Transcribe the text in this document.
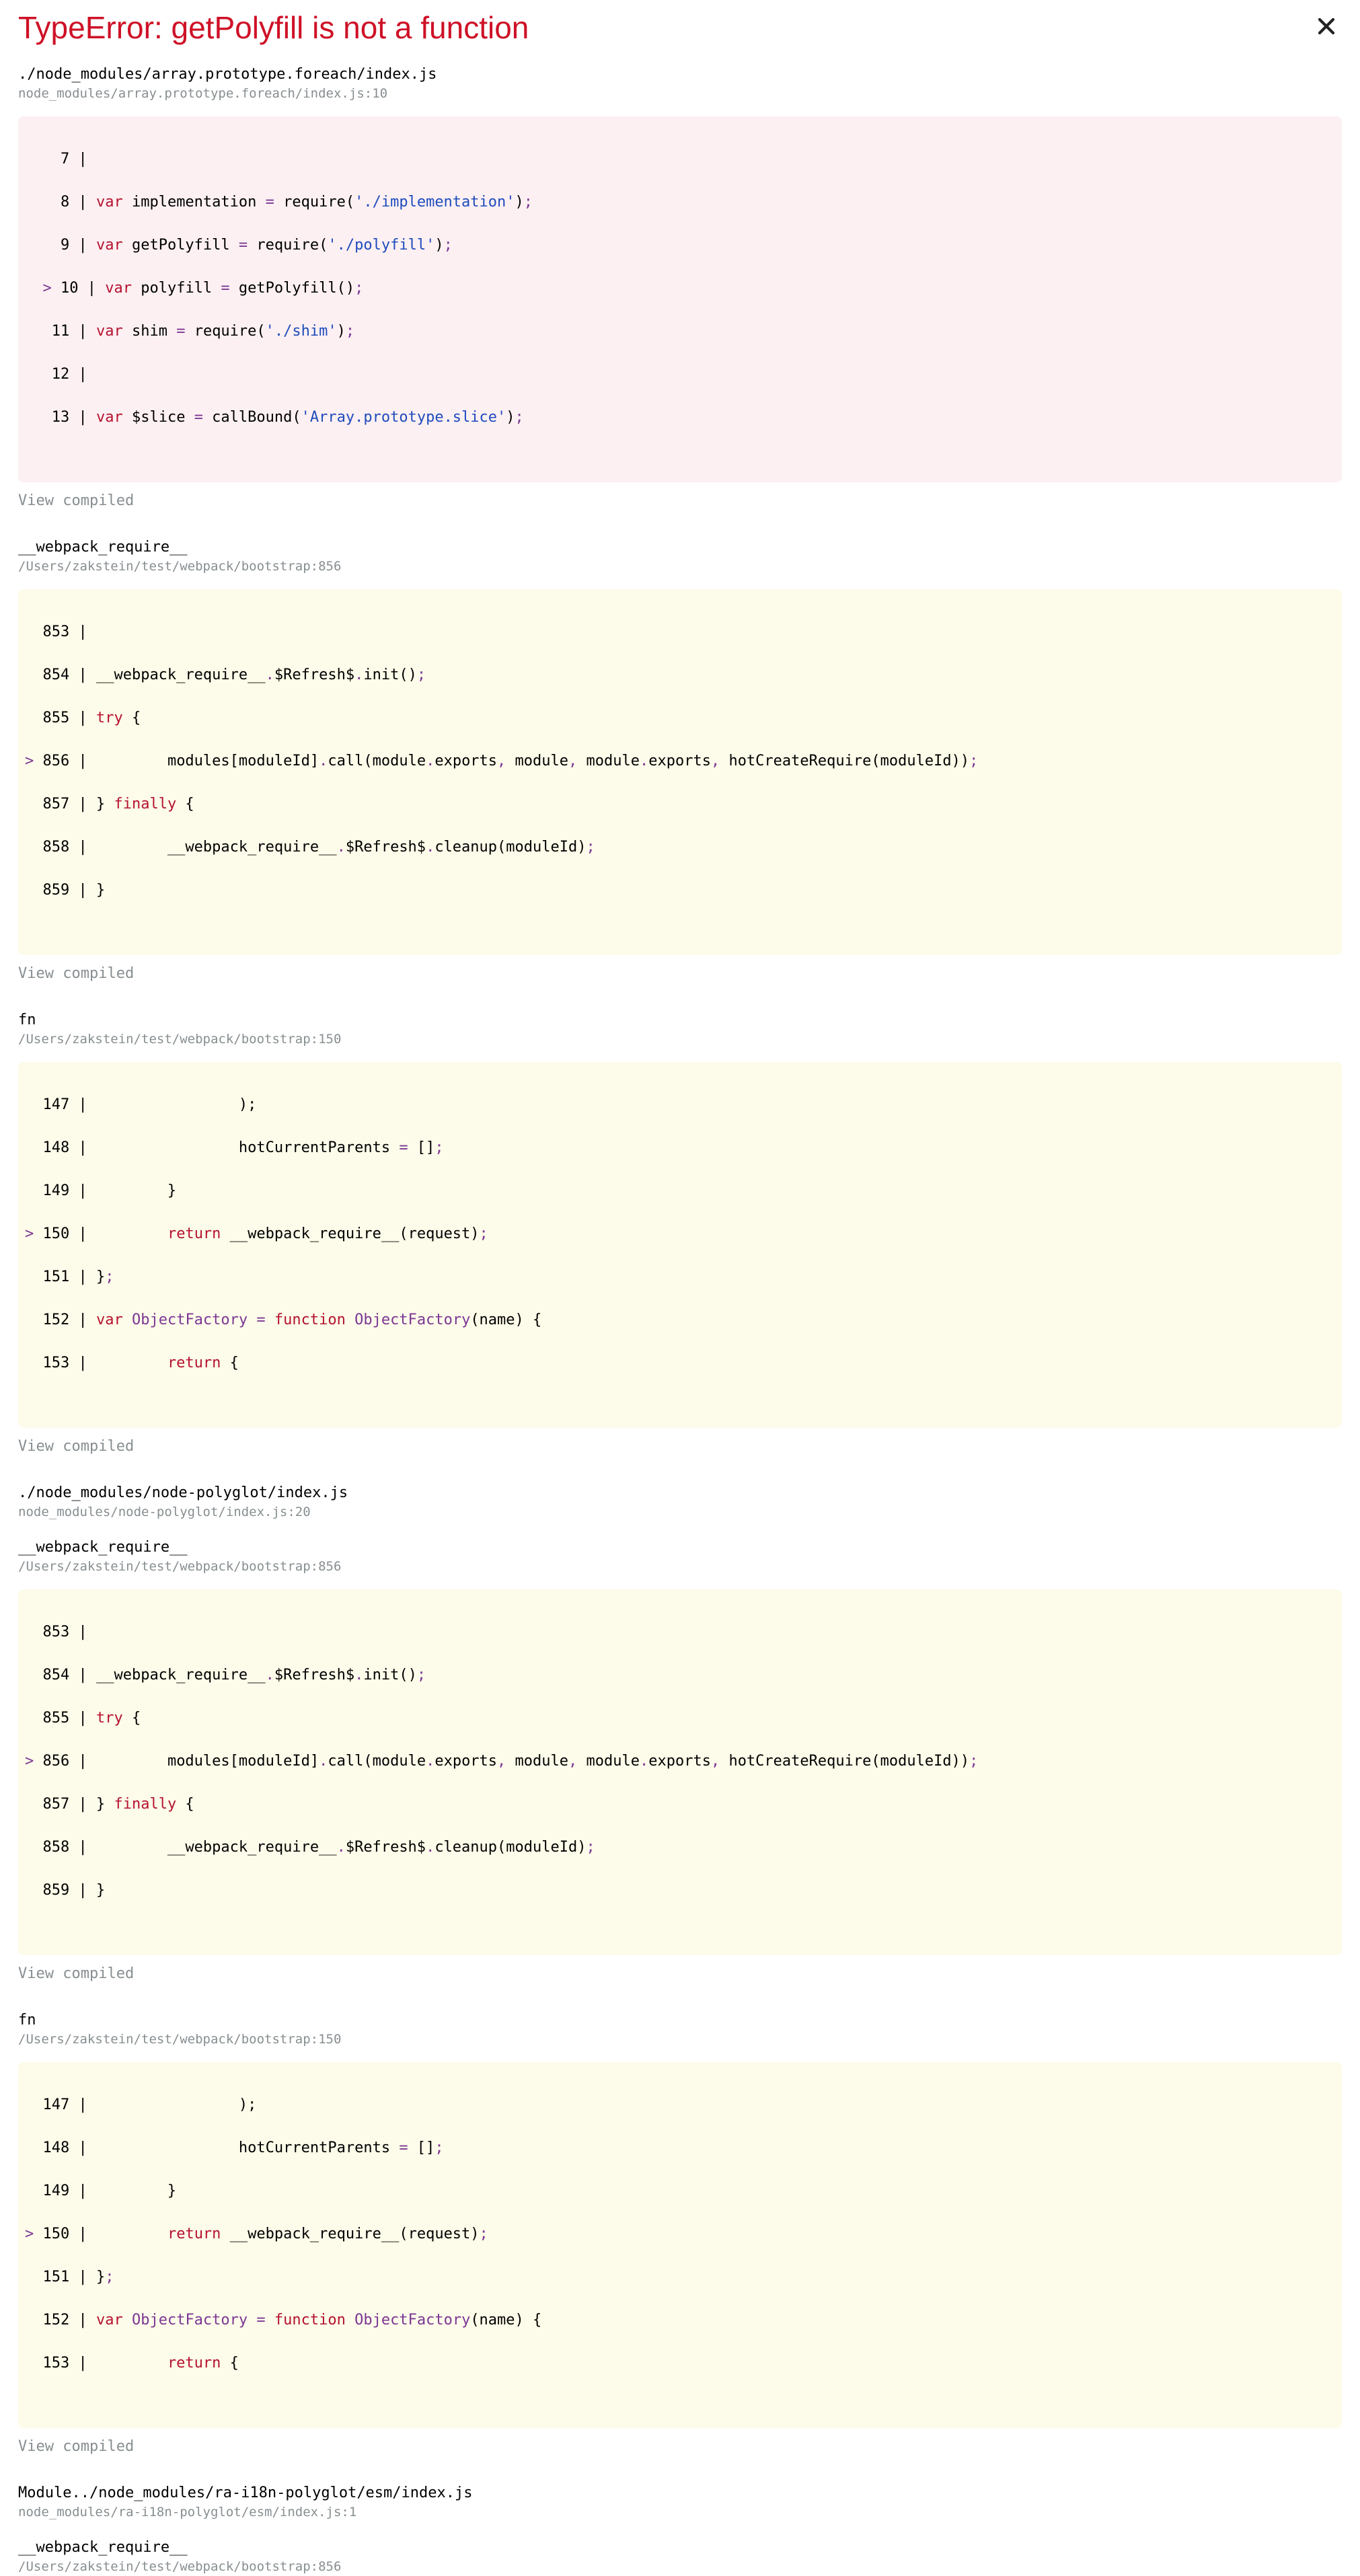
TypeError: getPolyfill is not a function
./node_modules/array.prototype.foreach/index.js
node_modules/array.prototype.foreach/index.js:10

7 |

8 | var implementation = require('./implementation');

9 | var getPolyfill = require('./polyfill');

> 10 | var polyfill = getPolyfill();

11 | var shim = require('./shim');

12 |

13 | var $slice = callBound('Array.prototype.slice');

View compiled
__webpack_require__
/Users/zakstein/test/webpack/bootstrap:856

853 |

854 | __webpack_require__.$Refresh$.init();

855 | try {

> 856 |         modules[moduleId].call(module.exports, module, module.exports, hotCreateRequire(moduleId));

857 | } finally {

858 |         __webpack_require__.$Refresh$.cleanup(moduleId);

859 | }

View compiled
fn
/Users/zakstein/test/webpack/bootstrap:150

147 |                 );

148 |                 hotCurrentParents = [];

149 |         }

> 150 |	return __webpack_require__(request);

151 | };

152 | var ObjectFactory = function ObjectFactory(name) {

153 |	return {

View compiled
./node_modules/node-polyglot/index.js
node_modules/node-polyglot/index.js:20
__webpack_require__
/Users/zakstein/test/webpack/bootstrap:856

853 |

854 | __webpack_require__.$Refresh$.init();

855 | try {

> 856 |         modules[moduleId].call(module.exports, module, module.exports, hotCreateRequire(moduleId));

857 | } finally {

858 |         __webpack_require__.$Refresh$.cleanup(moduleId);

859 | }

View compiled
fn
/Users/zakstein/test/webpack/bootstrap:150

147 |                 );

148 |                 hotCurrentParents = [];

149 |         }

> 150 |	return __webpack_require__(request);

151 | };

152 | var ObjectFactory = function ObjectFactory(name) {

153 |	return {

View compiled
Module../node_modules/ra-i18n-polyglot/esm/index.js
node_modules/ra-i18n-polyglot/esm/index.js:1
__webpack_require__
/Users/zakstein/test/webpack/bootstrap:856
